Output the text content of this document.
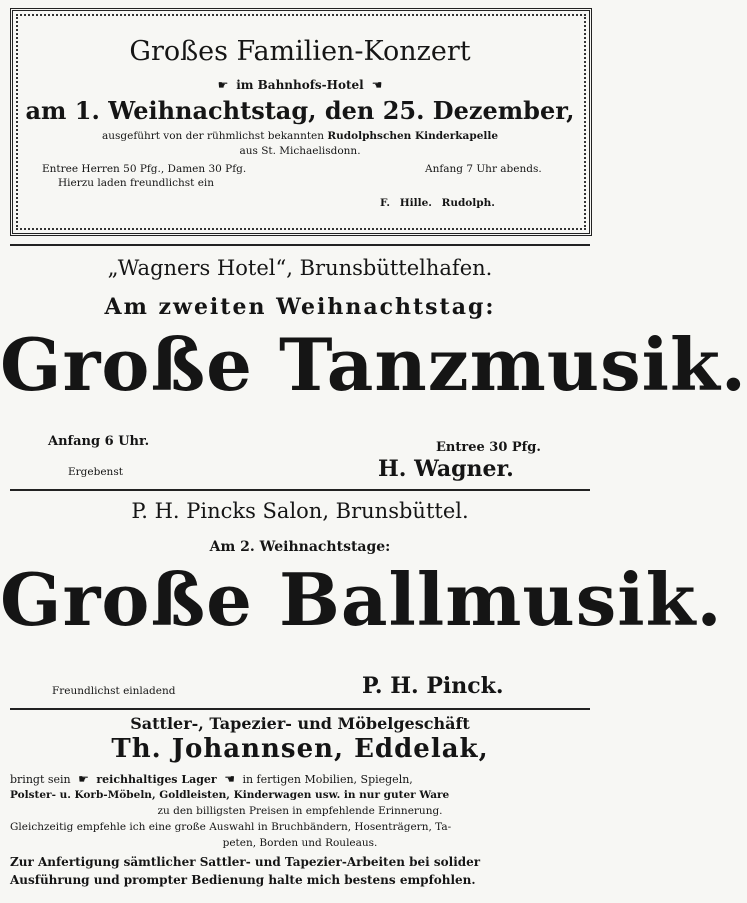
Großes Familien-Konzert
☛ im Bahnhofs-Hotel ☚
am 1. Weihnachtstag, den 25. Dezember,
ausgeführt von der rühmlichst bekannten Rudolphschen Kinderkapelle
aus St. Michaelisdonn.
Entree Herren 50 Pfg., Damen 30 Pfg.	Anfang 7 Uhr abends.
Hierzu laden freundlichst ein
F. Hille. Rudolph.
„Wagners Hotel“, Brunsbüttelhafen.
Am zweiten Weihnachtstag:
Große Tanzmusik.
Anfang 6 Uhr.	Entree 30 Pfg.
Ergebenst	H. Wagner.
P. H. Pincks Salon, Brunsbüttel.
Am 2. Weihnachtstage:
Große Ballmusik.
Freundlichst einladend	P. H. Pinck.
Sattler-, Tapezier- und Möbelgeschäft
Th. Johannsen, Eddelak,
bringt sein ☛ reichhaltiges Lager ☚ in fertigen Mobilien, Spiegeln,
Polster- u. Korb-Möbeln, Goldleisten, Kinderwagen usw. in nur guter Ware
zu den billigsten Preisen in empfehlende Erinnerung.
Gleichzeitig empfehle ich eine große Auswahl in Bruchbändern, Hosenträgern, Ta-
peten, Borden und Rouleaus.
Zur Anfertigung sämtlicher Sattler- und Tapezier-Arbeiten bei solider
Ausführung und prompter Bedienung halte mich bestens empfohlen.
